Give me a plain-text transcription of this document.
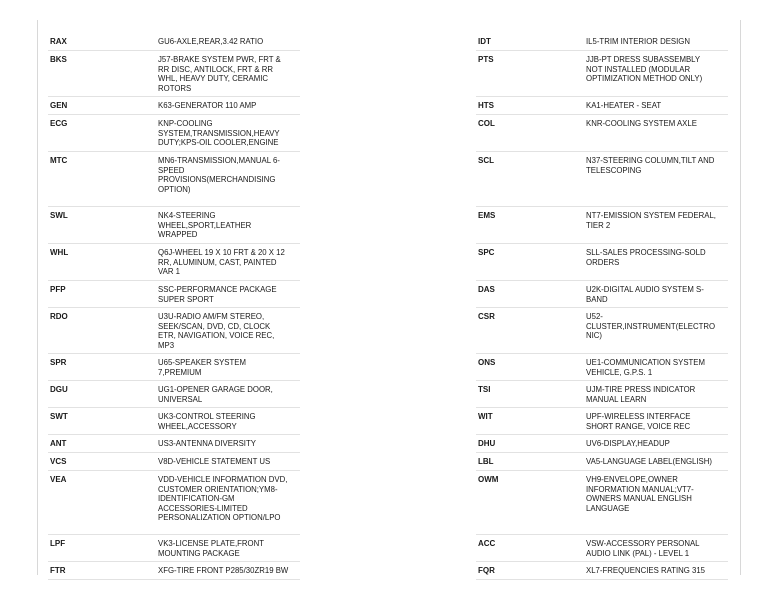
RAX	GU6-AXLE,REAR,3.42 RATIO
BKS	J57-BRAKE SYSTEM PWR, FRT &
RR DISC, ANTILOCK, FRT & RR
WHL, HEAVY DUTY, CERAMIC
ROTORS
GEN	K63-GENERATOR 110 AMP
ECG	KNP-COOLING
SYSTEM,TRANSMISSION,HEAVY
DUTY;KPS-OIL COOLER,ENGINE
MTC	MN6-TRANSMISSION,MANUAL 6-
SPEED
PROVISIONS(MERCHANDISING
OPTION)
SWL	NK4-STEERING
WHEEL,SPORT,LEATHER
WRAPPED
WHL	Q6J-WHEEL 19 X 10 FRT & 20 X 12
RR, ALUMINUM, CAST, PAINTED
VAR 1
PFP	SSC-PERFORMANCE PACKAGE
SUPER SPORT
RDO	U3U-RADIO AM/FM STEREO,
SEEK/SCAN, DVD, CD, CLOCK
ETR, NAVIGATION, VOICE REC,
MP3
SPR	U65-SPEAKER SYSTEM
7,PREMIUM
DGU	UG1-OPENER GARAGE DOOR,
UNIVERSAL
SWT	UK3-CONTROL STEERING
WHEEL,ACCESSORY
ANT	US3-ANTENNA DIVERSITY
VCS	V8D-VEHICLE STATEMENT US
VEA	VDD-VEHICLE INFORMATION DVD,
CUSTOMER ORIENTATION;YM8-
IDENTIFICATION-GM
ACCESSORIES-LIMITED
PERSONALIZATION OPTION/LPO
LPF	VK3-LICENSE PLATE,FRONT
MOUNTING PACKAGE
FTR	XFG-TIRE FRONT P285/30ZR19 BW
IDT	IL5-TRIM INTERIOR DESIGN
PTS	JJB-PT DRESS SUBASSEMBLY
NOT INSTALLED (MODULAR
OPTIMIZATION METHOD ONLY)
HTS	KA1-HEATER - SEAT
COL	KNR-COOLING SYSTEM AXLE
SCL	N37-STEERING COLUMN,TILT AND
TELESCOPING
EMS	NT7-EMISSION SYSTEM FEDERAL,
TIER 2
SPC	SLL-SALES PROCESSING-SOLD
ORDERS
DAS	U2K-DIGITAL AUDIO SYSTEM S-
BAND
CSR	U52-
CLUSTER,INSTRUMENT(ELECTRO
NIC)
ONS	UE1-COMMUNICATION SYSTEM
VEHICLE, G.P.S. 1
TSI	UJM-TIRE PRESS INDICATOR
MANUAL LEARN
WIT	UPF-WIRELESS INTERFACE
SHORT RANGE, VOICE REC
DHU	UV6-DISPLAY,HEADUP
LBL	VA5-LANGUAGE LABEL(ENGLISH)
OWM	VH9-ENVELOPE,OWNER
INFORMATION MANUAL;VT7-
OWNERS MANUAL ENGLISH
LANGUAGE
ACC	VSW-ACCESSORY PERSONAL
AUDIO LINK (PAL) - LEVEL 1
FQR	XL7-FREQUENCIES RATING 315
